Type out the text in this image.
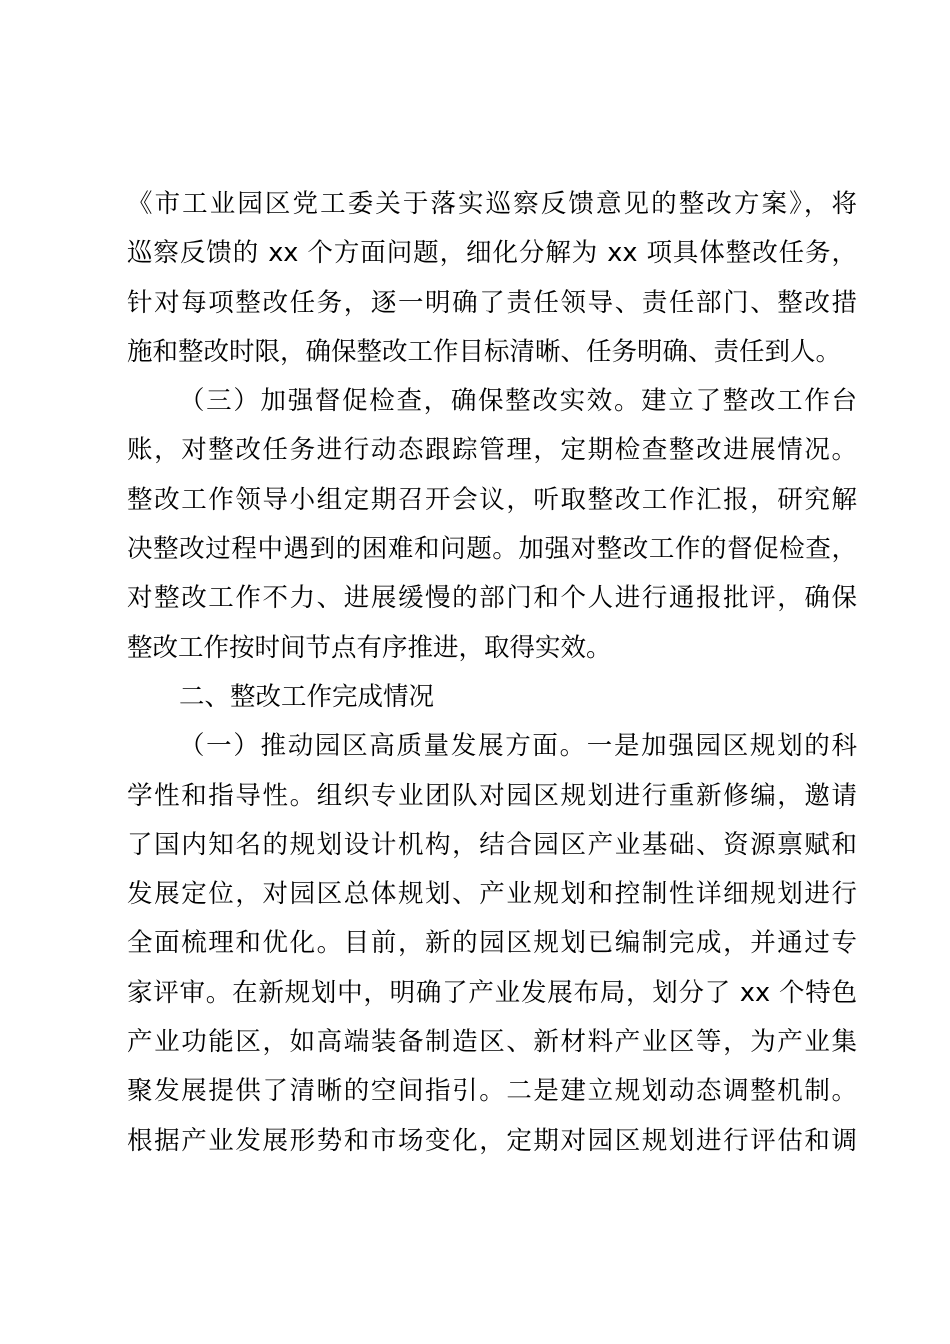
《市工业园区党工委关于落实巡察反馈意见的整改方案》，将
巡察反馈的 xx 个方面问题，细化分解为 xx 项具体整改任务，
针对每项整改任务，逐一明确了责任领导、责任部门、整改措
施和整改时限，确保整改工作目标清晰、任务明确、责任到人。
（三）加强督促检查，确保整改实效。建立了整改工作台
账，对整改任务进行动态跟踪管理，定期检查整改进展情况。
整改工作领导小组定期召开会议，听取整改工作汇报，研究解
决整改过程中遇到的困难和问题。加强对整改工作的督促检查，
对整改工作不力、进展缓慢的部门和个人进行通报批评，确保
整改工作按时间节点有序推进，取得实效。
二、整改工作完成情况
（一）推动园区高质量发展方面。一是加强园区规划的科
学性和指导性。组织专业团队对园区规划进行重新修编，邀请
了国内知名的规划设计机构，结合园区产业基础、资源禀赋和
发展定位，对园区总体规划、产业规划和控制性详细规划进行
全面梳理和优化。目前，新的园区规划已编制完成，并通过专
家评审。在新规划中，明确了产业发展布局，划分了 xx 个特色
产业功能区，如高端装备制造区、新材料产业区等，为产业集
聚发展提供了清晰的空间指引。二是建立规划动态调整机制。
根据产业发展形势和市场变化，定期对园区规划进行评估和调
